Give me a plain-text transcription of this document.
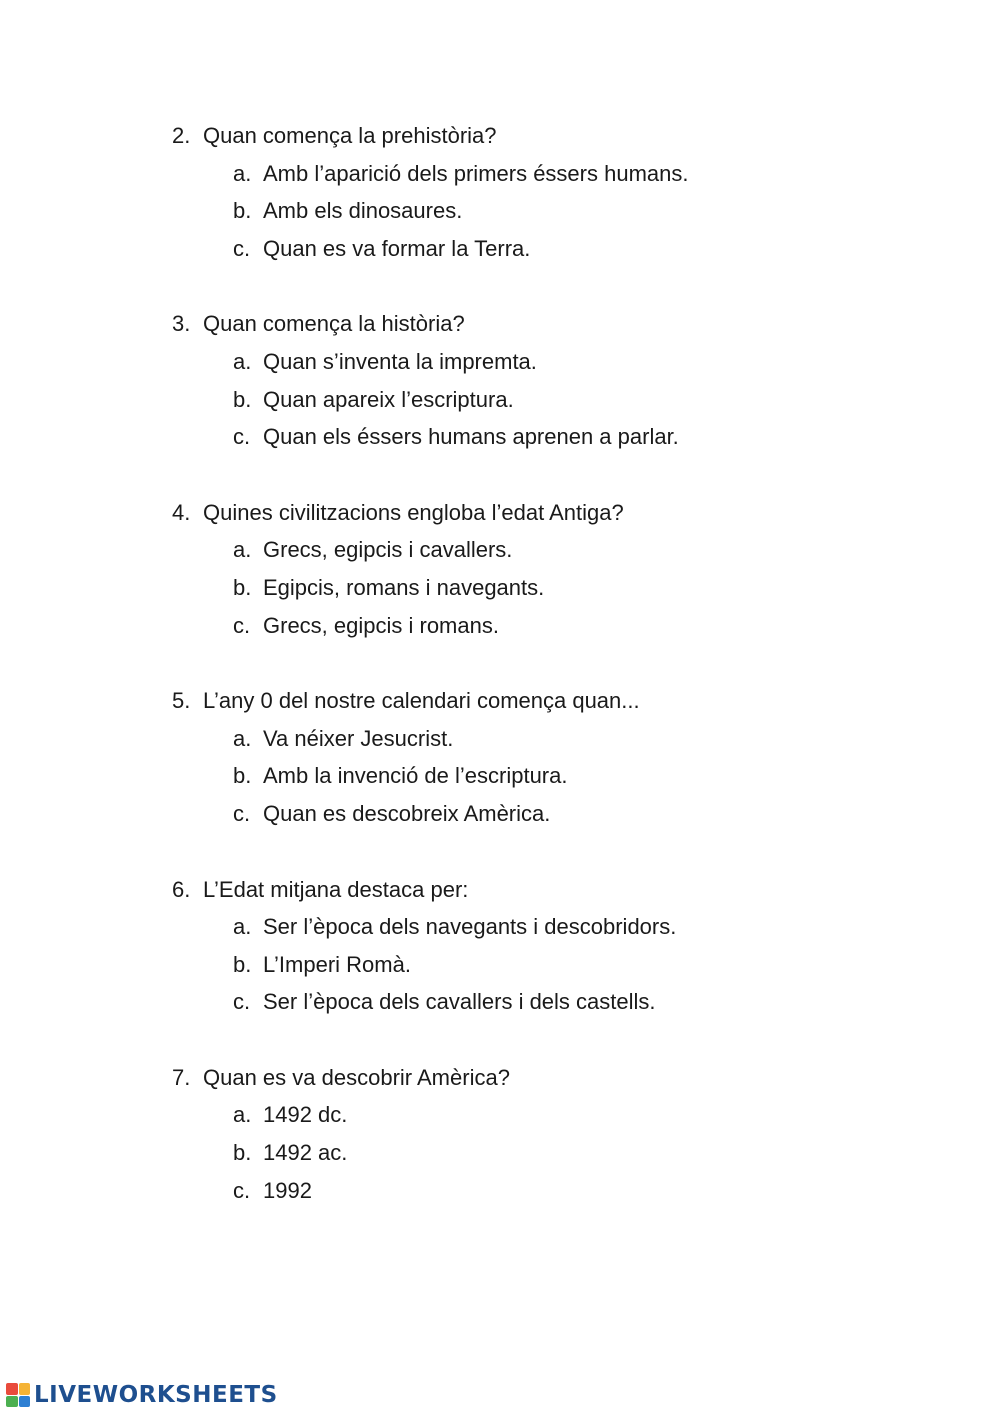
2. Quan comença la prehistòria?
a. Amb l’aparició dels primers éssers humans.
b. Amb els dinosaures.
c. Quan es va formar la Terra.
3. Quan comença la història?
a. Quan s’inventa la impremta.
b. Quan apareix l’escriptura.
c. Quan els éssers humans aprenen a parlar.
4. Quines civilitzacions engloba l’edat Antiga?
a. Grecs, egipcis i cavallers.
b. Egipcis, romans i navegants.
c. Grecs, egipcis i romans.
5. L’any 0 del nostre calendari comença quan...
a. Va néixer Jesucrist.
b. Amb la invenció de l’escriptura.
c. Quan es descobreix Amèrica.
6. L’Edat mitjana destaca per:
a. Ser l’època dels navegants i descobridors.
b. L’Imperi Romà.
c. Ser l’època dels cavallers i dels castells.
7. Quan es va descobrir Amèrica?
a. 1492 dc.
b. 1492 ac.
c. 1992
LIVEWORKSHEETS
